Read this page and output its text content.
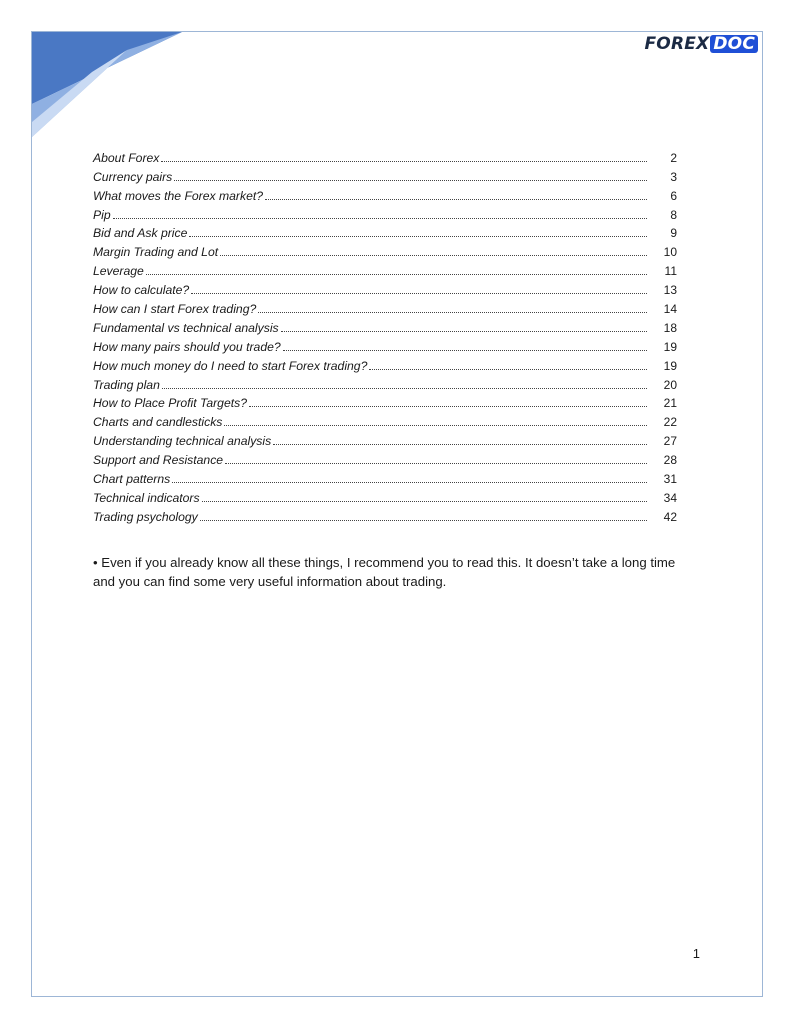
FOREX DOC
About Forex	2
Currency pairs	3
What moves the Forex market?	6
Pip	8
Bid and Ask price	9
Margin Trading and Lot	10
Leverage	11
How to calculate?	13
How can I start Forex trading?	14
Fundamental vs technical analysis	18
How many pairs should you trade?	19
How much money do I need to start Forex trading?	19
Trading plan	20
How to Place Profit Targets?	21
Charts and candlesticks	22
Understanding technical analysis	27
Support and Resistance	28
Chart patterns	31
Technical indicators	34
Trading psychology	42
• Even if you already know all these things, I recommend you to read this. It doesn’t take a long time and you can find some very useful information about trading.
1
